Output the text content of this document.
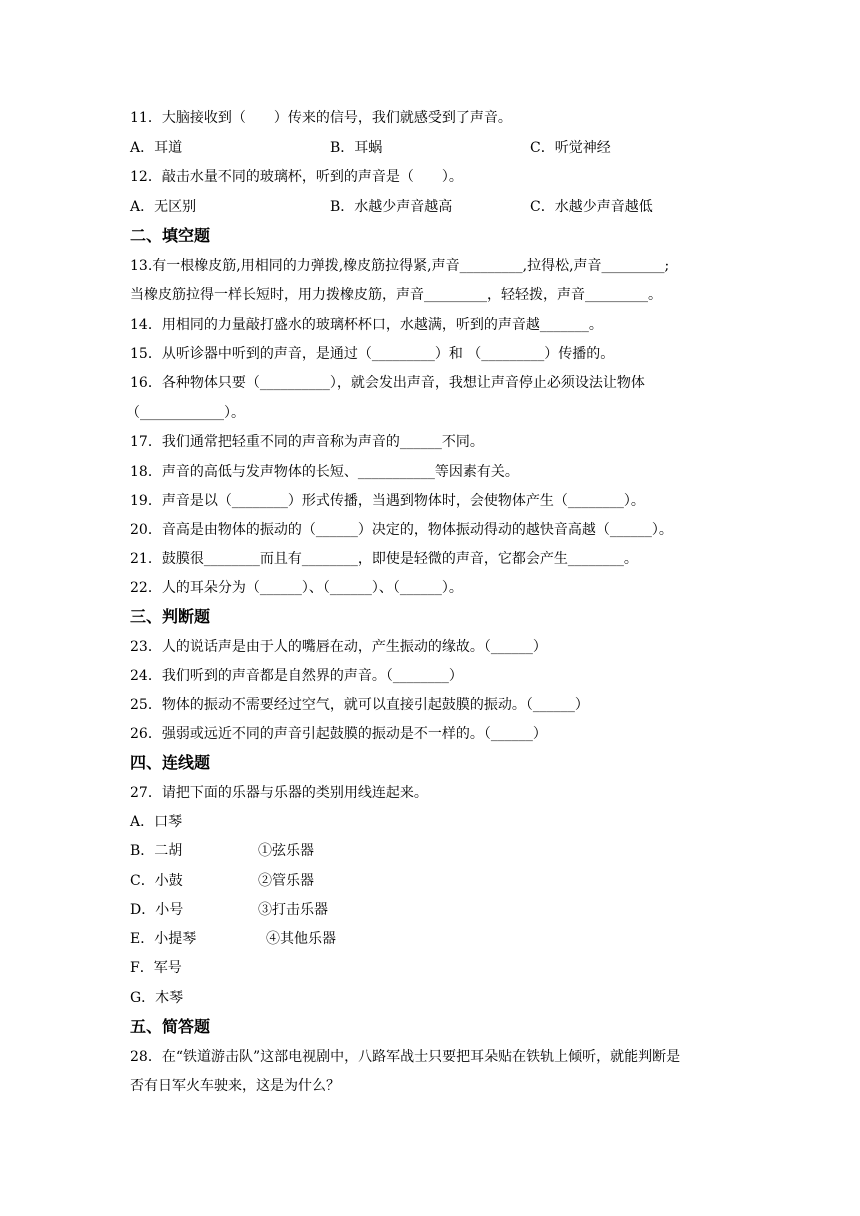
11．大脑接收到（　　）传来的信号，我们就感受到了声音。
A．耳道	B．耳蜗	C．听觉神经
12．敲击水量不同的玻璃杯，听到的声音是（　　）。
A．无区别	B．水越少声音越高	C．水越少声音越低
二、填空题
13.有一根橡皮筋,用相同的力弹拨,橡皮筋拉得紧,声音_________,拉得松,声音_________;
当橡皮筋拉得一样长短时，用力拨橡皮筋，声音_________，轻轻拨，声音_________。
14．用相同的力量敲打盛水的玻璃杯杯口，水越满，听到的声音越_______。
15．从听诊器中听到的声音，是通过（_________）和 （_________）传播的。
16．各种物体只要（__________），就会发出声音，我想让声音停止必须设法让物体
（____________）。
17．我们通常把轻重不同的声音称为声音的______不同。
18．声音的高低与发声物体的长短、___________等因素有关。
19．声音是以（________）形式传播，当遇到物体时，会使物体产生（________）。
20．音高是由物体的振动的（______）决定的，物体振动得动的越快音高越（______）。
21．鼓膜很________而且有________，即使是轻微的声音，它都会产生________。
22．人的耳朵分为（______）、（______）、（______）。
三、判断题
23．人的说话声是由于人的嘴唇在动，产生振动的缘故。（______）
24．我们听到的声音都是自然界的声音。（________）
25．物体的振动不需要经过空气，就可以直接引起鼓膜的振动。（______）
26．强弱或远近不同的声音引起鼓膜的振动是不一样的。（______）
四、连线题
27．请把下面的乐器与乐器的类别用线连起来。
A．口琴
B．二胡
C．小鼓
D．小号
E．小提琴
F．军号
G．木琴
①弦乐器
②管乐器
③打击乐器
④其他乐器
五、简答题
28．在“铁道游击队”这部电视剧中，八路军战士只要把耳朵贴在铁轨上倾听，就能判断是
否有日军火车驶来，这是为什么？
